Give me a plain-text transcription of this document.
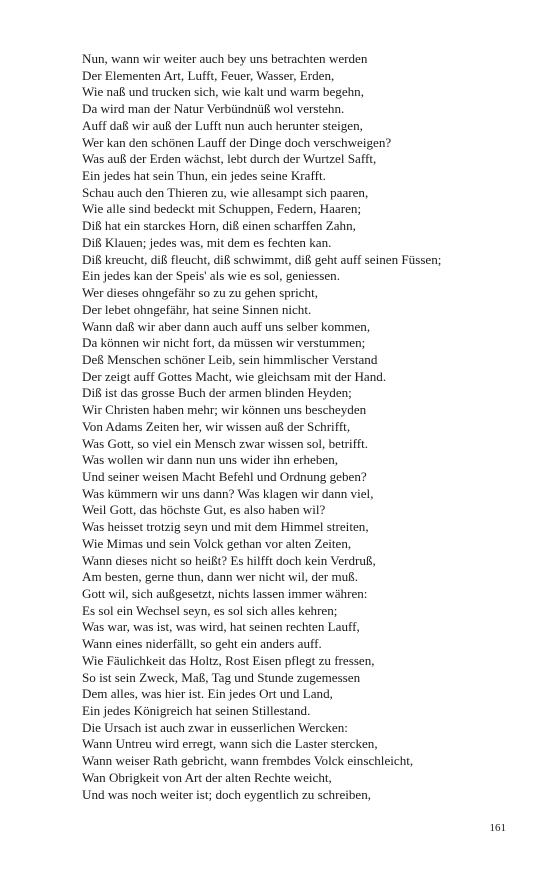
Nun, wann wir weiter auch bey uns betrachten werden
Der Elementen Art, Lufft, Feuer, Wasser, Erden,
Wie naß und trucken sich, wie kalt und warm begehn,
Da wird man der Natur Verbündnüß wol verstehn.
Auff daß wir auß der Lufft nun auch herunter steigen,
Wer kan den schönen Lauff der Dinge doch verschweigen?
Was auß der Erden wächst, lebt durch der Wurtzel Safft,
Ein jedes hat sein Thun, ein jedes seine Krafft.
Schau auch den Thieren zu, wie allesampt sich paaren,
Wie alle sind bedeckt mit Schuppen, Federn, Haaren;
Diß hat ein starckes Horn, diß einen scharffen Zahn,
Diß Klauen; jedes was, mit dem es fechten kan.
Diß kreucht, diß fleucht, diß schwimmt, diß geht auff seinen Füssen;
Ein jedes kan der Speis' als wie es sol, geniessen.
Wer dieses ohngefähr so zu zu gehen spricht,
Der lebet ohngefähr, hat seine Sinnen nicht.
Wann daß wir aber dann auch auff uns selber kommen,
Da können wir nicht fort, da müssen wir verstummen;
Deß Menschen schöner Leib, sein himmlischer Verstand
Der zeigt auff Gottes Macht, wie gleichsam mit der Hand.
Diß ist das grosse Buch der armen blinden Heyden;
Wir Christen haben mehr; wir können uns bescheyden
Von Adams Zeiten her, wir wissen auß der Schrifft,
Was Gott, so viel ein Mensch zwar wissen sol, betrifft.
Was wollen wir dann nun uns wider ihn erheben,
Und seiner weisen Macht Befehl und Ordnung geben?
Was kümmern wir uns dann? Was klagen wir dann viel,
Weil Gott, das höchste Gut, es also haben wil?
Was heisset trotzig seyn und mit dem Himmel streiten,
Wie Mimas und sein Volck gethan vor alten Zeiten,
Wann dieses nicht so heißt? Es hilfft doch kein Verdruß,
Am besten, gerne thun, dann wer nicht wil, der muß.
Gott wil, sich außgesetzt, nichts lassen immer währen:
Es sol ein Wechsel seyn, es sol sich alles kehren;
Was war, was ist, was wird, hat seinen rechten Lauff,
Wann eines niderfällt, so geht ein anders auff.
Wie Fäulichkeit das Holtz, Rost Eisen pflegt zu fressen,
So ist sein Zweck, Maß, Tag und Stunde zugemessen
Dem alles, was hier ist. Ein jedes Ort und Land,
Ein jedes Königreich hat seinen Stillestand.
Die Ursach ist auch zwar in eusserlichen Wercken:
Wann Untreu wird erregt, wann sich die Laster stercken,
Wann weiser Rath gebricht, wann frembdes Volck einschleicht,
Wan Obrigkeit von Art der alten Rechte weicht,
Und was noch weiter ist; doch eygentlich zu schreiben,
161
